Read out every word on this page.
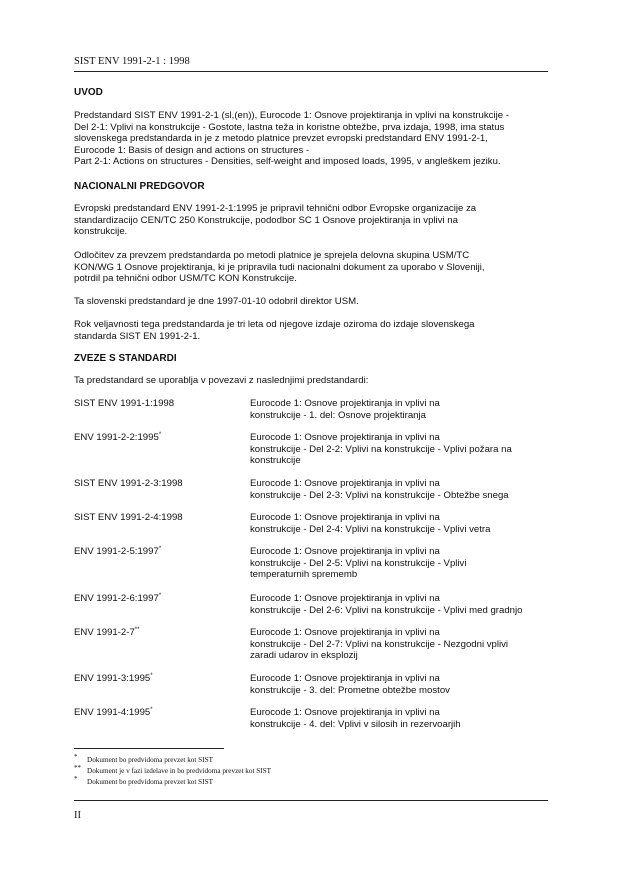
SIST ENV 1991-2-1 : 1998
UVOD
Predstandard SIST ENV 1991-2-1 (sl,(en)), Eurocode 1: Osnove projektiranja in vplivi na konstrukcije -
Del 2-1: Vplivi na konstrukcije - Gostote, lastna teža in koristne obtežbe, prva izdaja, 1998, ima status
slovenskega predstandarda in je z metodo platnice prevzet evropski predstandard ENV 1991-2-1,
Eurocode 1: Basis of design and actions on structures -
Part 2-1: Actions on structures - Densities, self-weight and imposed loads, 1995, v angleškem jeziku.
NACIONALNI PREDGOVOR
Evropski predstandard ENV 1991-2-1:1995 je pripravil tehnični odbor Evropske organizacije za
standardizacijo CEN/TC 250 Konstrukcije, pododbor SC 1 Osnove projektiranja in vplivi na
konstrukcije.
Odločitev za prevzem predstandarda po metodi platnice je sprejela delovna skupina USM/TC
KON/WG 1 Osnove projektiranja, ki je pripravila tudi nacionalni dokument za uporabo v Sloveniji,
potrdil pa tehnični odbor USM/TC KON Konstrukcije.
Ta slovenski predstandard je dne 1997-01-10 odobril direktor USM.
Rok veljavnosti tega predstandarda je tri leta od njegove izdaje oziroma do izdaje slovenskega
standarda SIST EN 1991-2-1.
ZVEZE S STANDARDI
Ta predstandard se uporablja v povezavi z naslednjimi predstandardi:
SIST ENV 1991-1:1998	Eurocode 1: Osnove projektiranja in vplivi na
konstrukcije - 1. del: Osnove projektiranja
ENV 1991-2-2:1995*	Eurocode 1: Osnove projektiranja in vplivi na
konstrukcije - Del 2-2: Vplivi na konstrukcije - Vplivi požara na
konstrukcije
SIST ENV 1991-2-3:1998	Eurocode 1: Osnove projektiranja in vplivi na
konstrukcije - Del 2-3: Vplivi na konstrukcije - Obtežbe snega
SIST ENV 1991-2-4:1998	Eurocode 1: Osnove projektiranja in vplivi na
konstrukcije - Del 2-4: Vplivi na konstrukcije - Vplivi vetra
ENV 1991-2-5:1997*	Eurocode 1: Osnove projektiranja in vplivi na
konstrukcije - Del 2-5: Vplivi na konstrukcije - Vplivi
temperaturnih sprememb
ENV 1991-2-6:1997*	Eurocode 1: Osnove projektiranja in vplivi na
konstrukcije - Del 2-6: Vplivi na konstrukcije - Vplivi med gradnjo
ENV 1991-2-7**	Eurocode 1: Osnove projektiranja in vplivi na
konstrukcije - Del 2-7: Vplivi na konstrukcije - Nezgodni vplivi
zaradi udarov in eksplozij
ENV 1991-3:1995*	Eurocode 1: Osnove projektiranja in vplivi na
konstrukcije - 3. del: Prometne obtežbe mostov
ENV 1991-4:1995*	Eurocode 1: Osnove projektiranja in vplivi na
konstrukcije - 4. del: Vplivi v silosih in rezervoarjih
* Dokument bo predvidoma prevzet kot SIST
** Dokument je v fazi izdelave in bo predvidoma prevzet kot SIST
* Dokument bo predvidoma prevzet kot SIST
II
